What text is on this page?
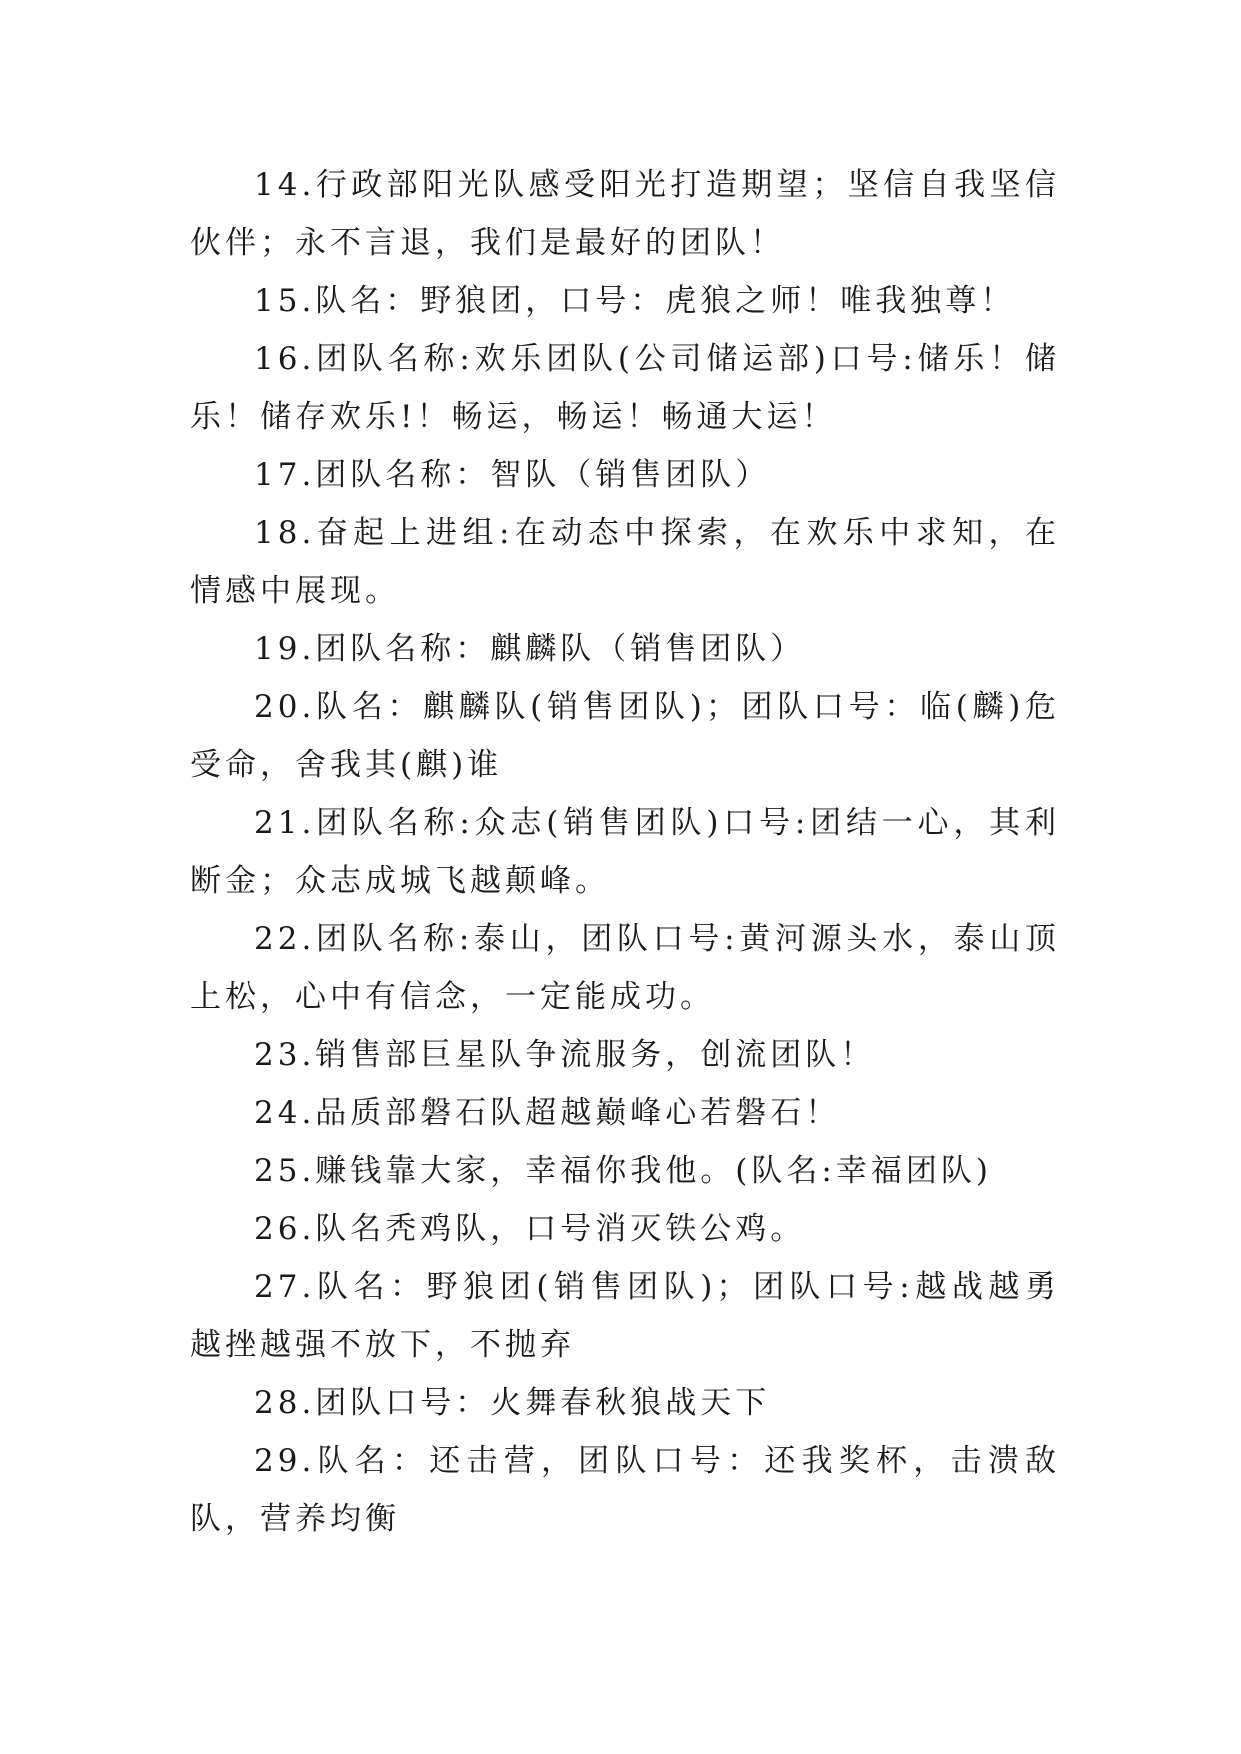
14.行政部阳光队感受阳光打造期望；坚信自我坚信伙伴；永不言退，我们是最好的团队！

15.队名：野狼团，口号：虎狼之师！唯我独尊！

16.团队名称:欢乐团队(公司储运部)口号:储乐！储乐！储存欢乐!！畅运，畅运！畅通大运！

17.团队名称：智队（销售团队）

18.奋起上进组:在动态中探索，在欢乐中求知，在情感中展现。

19.团队名称：麒麟队（销售团队）

20.队名：麒麟队(销售团队)；团队口号：临(麟)危受命，舍我其(麒)谁

21.团队名称:众志(销售团队)口号:团结一心，其利断金；众志成城飞越颠峰。

22.团队名称:泰山，团队口号:黄河源头水，泰山顶上松，心中有信念，一定能成功。

23.销售部巨星队争流服务，创流团队！

24.品质部磐石队超越巅峰心若磐石！

25.赚钱靠大家，幸福你我他。(队名:幸福团队)

26.队名秃鸡队，口号消灭铁公鸡。

27.队名：野狼团(销售团队)；团队口号:越战越勇越挫越强不放下，不抛弃

28.团队口号：火舞春秋狼战天下

29.队名：还击营，团队口号：还我奖杯，击溃敌队，营养均衡
